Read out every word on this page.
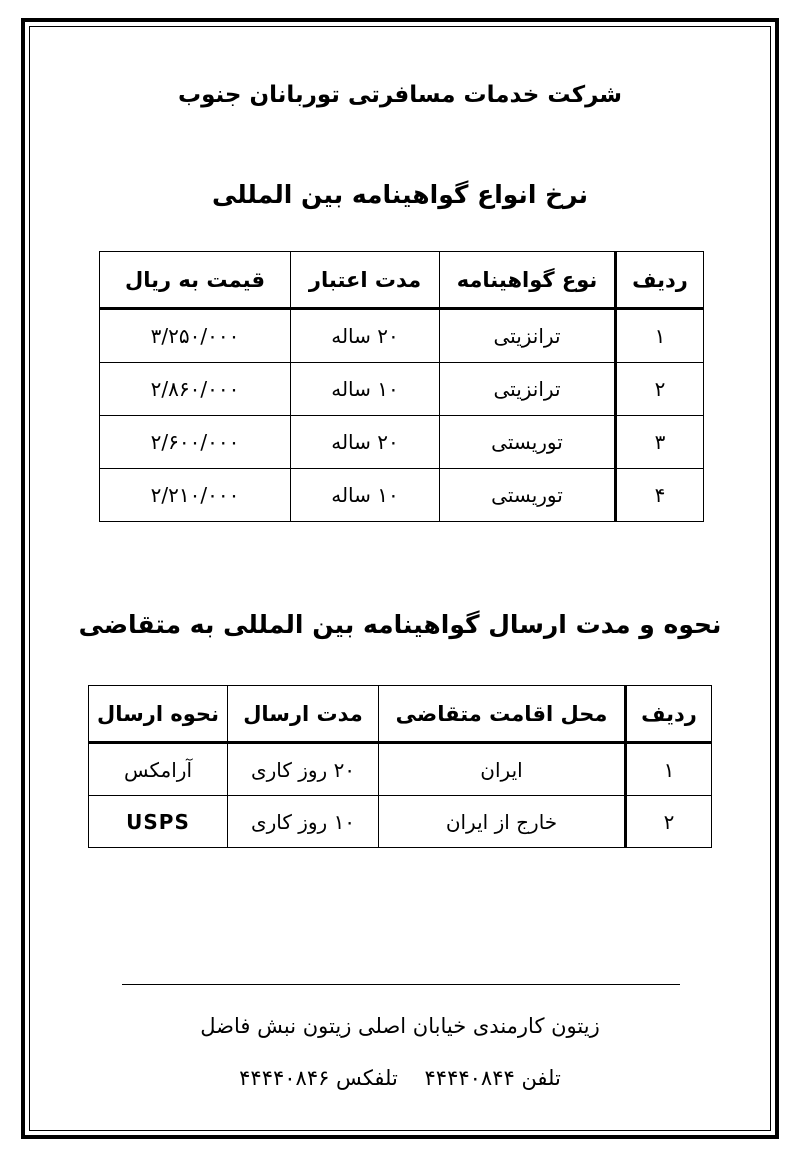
شرکت خدمات مسافرتی توربانان جنوب
نرخ انواع گواهینامه بین المللی
ردیف	نوع گواهینامه	مدت اعتبار	قیمت به ریال
۱	ترانزیتی	۲۰ ساله	۳/۲۵۰/۰۰۰
۲	ترانزیتی	۱۰ ساله	۲/۸۶۰/۰۰۰
۳	توریستی	۲۰ ساله	۲/۶۰۰/۰۰۰
۴	توریستی	۱۰ ساله	۲/۲۱۰/۰۰۰
نحوه و مدت ارسال گواهینامه بین المللی به متقاضی
ردیف	محل اقامت متقاضی	مدت ارسال	نحوه ارسال
۱	ایران	۲۰ روز کاری	آرامکس
۲	خارج از ایران	۱۰ روز کاری	USPS
زیتون کارمندی خیابان اصلی زیتون نبش فاضل
تلفن ۴۴۴۴۰۸۴۴ تلفکس ۴۴۴۴۰۸۴۶
